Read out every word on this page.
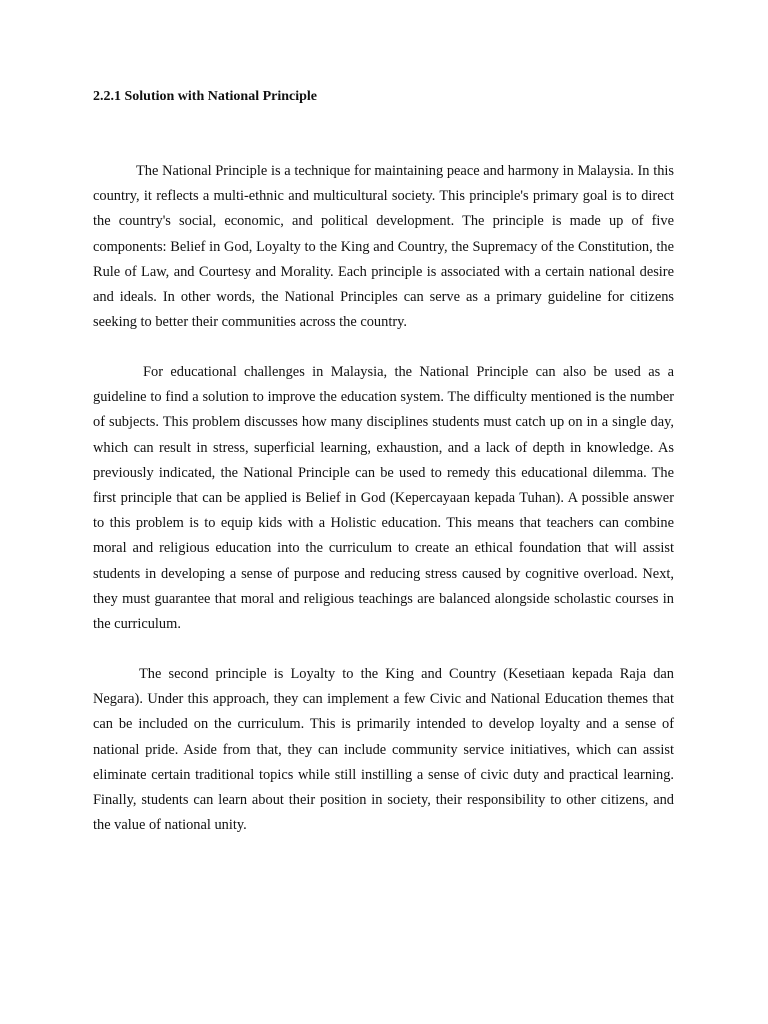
2.2.1 Solution with National Principle

The National Principle is a technique for maintaining peace and harmony in Malaysia. In this country, it reflects a multi-ethnic and multicultural society. This principle's primary goal is to direct the country's social, economic, and political development. The principle is made up of five components: Belief in God, Loyalty to the King and Country, the Supremacy of the Constitution, the Rule of Law, and Courtesy and Morality. Each principle is associated with a certain national desire and ideals. In other words, the National Principles can serve as a primary guideline for citizens seeking to better their communities across the country.

For educational challenges in Malaysia, the National Principle can also be used as a guideline to find a solution to improve the education system. The difficulty mentioned is the number of subjects. This problem discusses how many disciplines students must catch up on in a single day, which can result in stress, superficial learning, exhaustion, and a lack of depth in knowledge. As previously indicated, the National Principle can be used to remedy this educational dilemma. The first principle that can be applied is Belief in God (Kepercayaan kepada Tuhan). A possible answer to this problem is to equip kids with a Holistic education. This means that teachers can combine moral and religious education into the curriculum to create an ethical foundation that will assist students in developing a sense of purpose and reducing stress caused by cognitive overload. Next, they must guarantee that moral and religious teachings are balanced alongside scholastic courses in the curriculum.

The second principle is Loyalty to the King and Country (Kesetiaan kepada Raja dan Negara). Under this approach, they can implement a few Civic and National Education themes that can be included on the curriculum. This is primarily intended to develop loyalty and a sense of national pride. Aside from that, they can include community service initiatives, which can assist eliminate certain traditional topics while still instilling a sense of civic duty and practical learning. Finally, students can learn about their position in society, their responsibility to other citizens, and the value of national unity.
